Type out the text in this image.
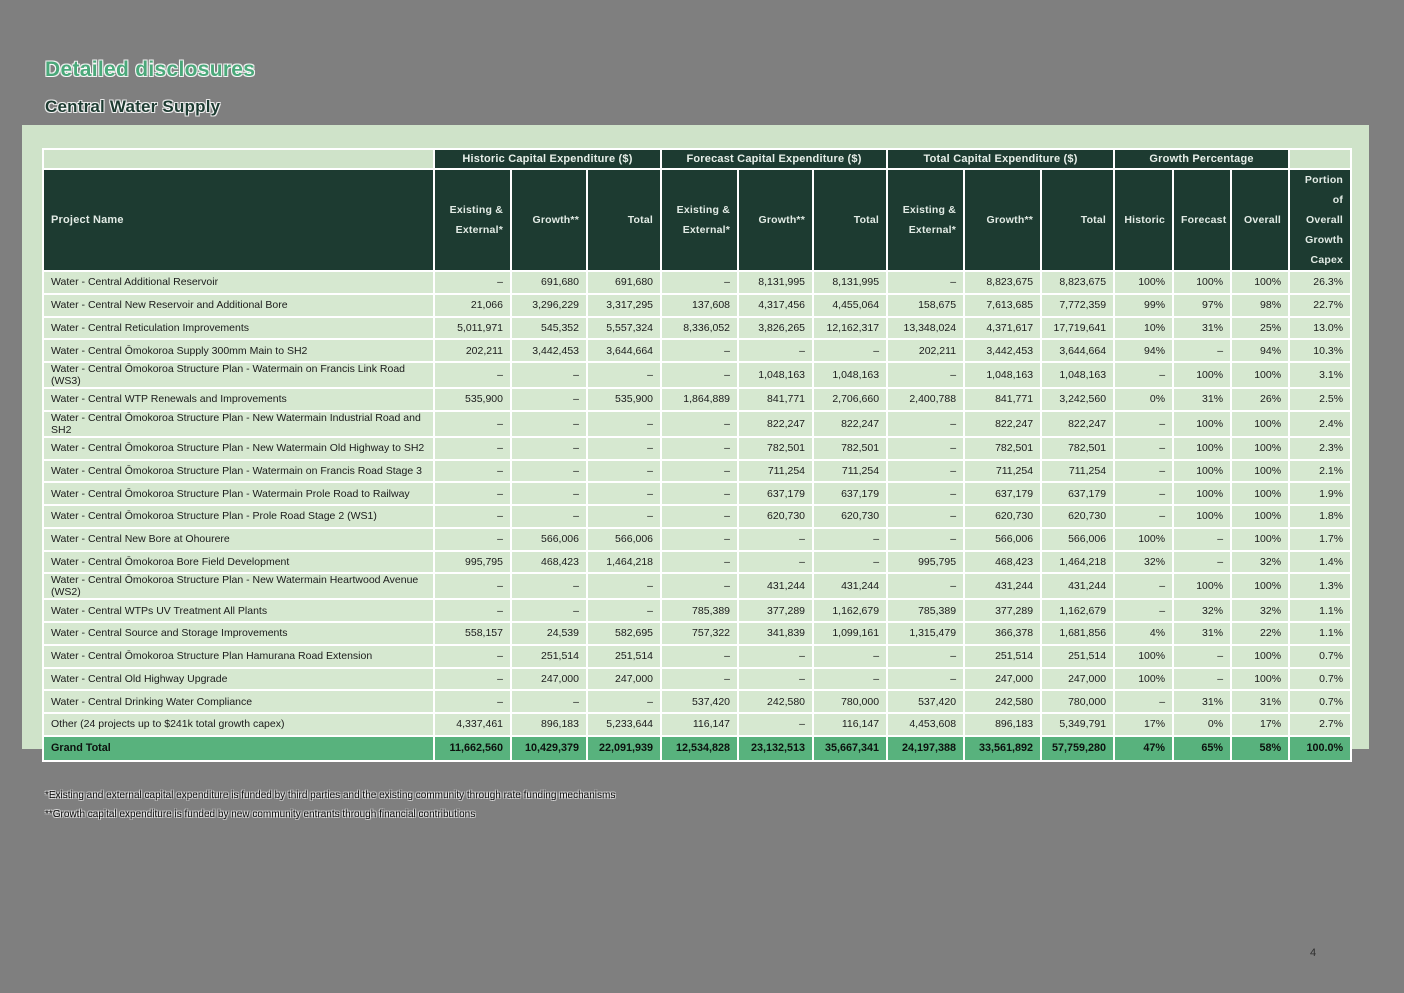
Detailed disclosures
Central Water Supply
	Historic Capital Expenditure ($)			Forecast Capital Expenditure ($)			Total Capital Expenditure ($)			Growth Percentage			
Project Name	Existing & External*	Growth**	Total	Existing & External*	Growth**	Total	Existing & External*	Growth**	Total	Historic	Forecast	Overall	Portion of Overall Growth Capex
Water - Central Additional Reservoir	–	691,680	691,680	–	8,131,995	8,131,995	–	8,823,675	8,823,675	100%	100%	100%	26.3%
Water - Central New Reservoir and Additional Bore	21,066	3,296,229	3,317,295	137,608	4,317,456	4,455,064	158,675	7,613,685	7,772,359	99%	97%	98%	22.7%
Water - Central Reticulation Improvements	5,011,971	545,352	5,557,324	8,336,052	3,826,265	12,162,317	13,348,024	4,371,617	17,719,641	10%	31%	25%	13.0%
Water - Central Ōmokoroa Supply 300mm Main to SH2	202,211	3,442,453	3,644,664	–	–	–	202,211	3,442,453	3,644,664	94%	–	94%	10.3%
Water - Central Ōmokoroa Structure Plan - Watermain on Francis Link Road (WS3)	–	–	–	–	1,048,163	1,048,163	–	1,048,163	1,048,163	–	100%	100%	3.1%
Water - Central WTP Renewals and Improvements	535,900	–	535,900	1,864,889	841,771	2,706,660	2,400,788	841,771	3,242,560	0%	31%	26%	2.5%
Water - Central Ōmokoroa Structure Plan - New Watermain Industrial Road and SH2	–	–	–	–	822,247	822,247	–	822,247	822,247	–	100%	100%	2.4%
Water - Central Ōmokoroa Structure Plan - New Watermain Old Highway to SH2	–	–	–	–	782,501	782,501	–	782,501	782,501	–	100%	100%	2.3%
Water - Central Ōmokoroa Structure Plan - Watermain on Francis Road Stage 3	–	–	–	–	711,254	711,254	–	711,254	711,254	–	100%	100%	2.1%
Water - Central Ōmokoroa Structure Plan - Watermain Prole Road to Railway	–	–	–	–	637,179	637,179	–	637,179	637,179	–	100%	100%	1.9%
Water - Central Ōmokoroa Structure Plan - Prole Road Stage 2 (WS1)	–	–	–	–	620,730	620,730	–	620,730	620,730	–	100%	100%	1.8%
Water - Central New Bore at Ohourere	–	566,006	566,006	–	–	–	–	566,006	566,006	100%	–	100%	1.7%
Water - Central Ōmokoroa Bore Field Development	995,795	468,423	1,464,218	–	–	–	995,795	468,423	1,464,218	32%	–	32%	1.4%
Water - Central Ōmokoroa Structure Plan - New Watermain Heartwood Avenue (WS2)	–	–	–	–	431,244	431,244	–	431,244	431,244	–	100%	100%	1.3%
Water - Central WTPs UV Treatment All Plants	–	–	–	785,389	377,289	1,162,679	785,389	377,289	1,162,679	–	32%	32%	1.1%
Water - Central Source and Storage Improvements	558,157	24,539	582,695	757,322	341,839	1,099,161	1,315,479	366,378	1,681,856	4%	31%	22%	1.1%
Water - Central Ōmokoroa Structure Plan Hamurana Road Extension	–	251,514	251,514	–	–	–	–	251,514	251,514	100%	–	100%	0.7%
Water - Central Old Highway Upgrade	–	247,000	247,000	–	–	–	–	247,000	247,000	100%	–	100%	0.7%
Water - Central Drinking Water Compliance	–	–	–	537,420	242,580	780,000	537,420	242,580	780,000	–	31%	31%	0.7%
Other (24 projects up to $241k total growth capex)	4,337,461	896,183	5,233,644	116,147	–	116,147	4,453,608	896,183	5,349,791	17%	0%	17%	2.7%
Grand Total	11,662,560	10,429,379	22,091,939	12,534,828	23,132,513	35,667,341	24,197,388	33,561,892	57,759,280	47%	65%	58%	100.0%
*Existing and external capital expenditure is funded by third parties and the existing community through rate funding mechanisms
**Growth capital expenditure is funded by new community entrants through financial contributions
4
